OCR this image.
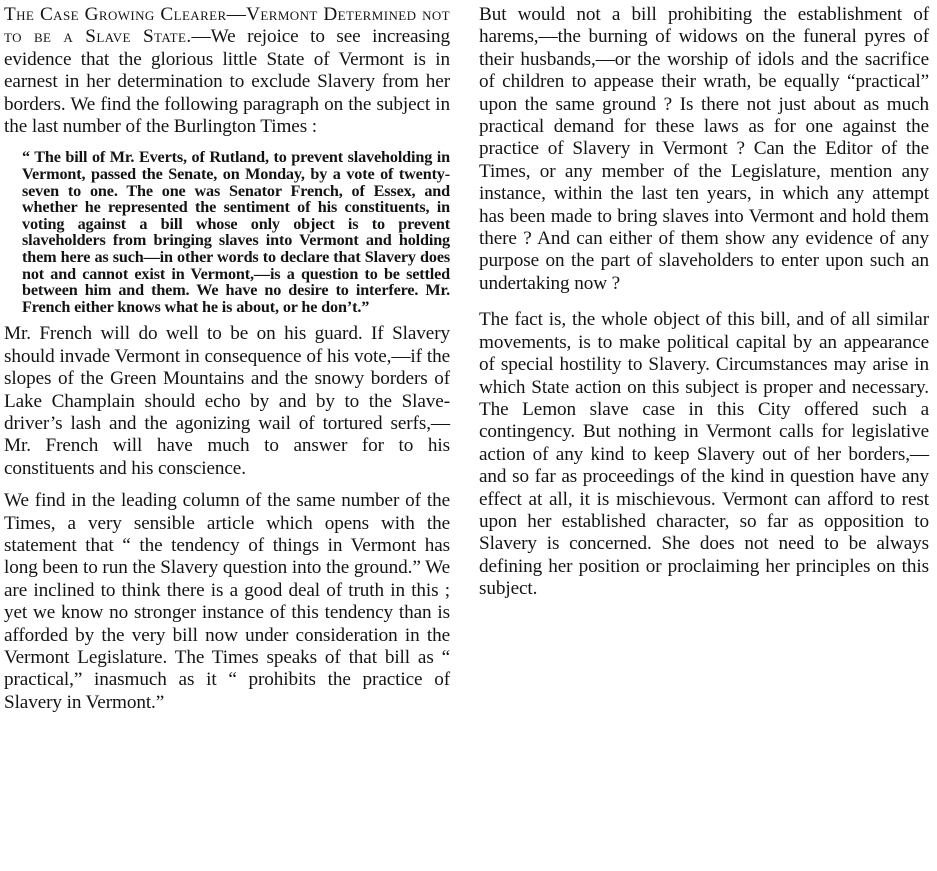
The Case Growing Clearer—Vermont Determined not to be a Slave State.—We rejoice to see increasing evidence that the glorious little State of Vermont is in earnest in her determination to exclude Slavery from her borders. We find the following paragraph on the subject in the last number of the Burlington Times :

“ The bill of Mr. Everts, of Rutland, to prevent slaveholding in Vermont, passed the Senate, on Monday, by a vote of twenty-seven to one. The one was Senator French, of Essex, and whether he represented the sentiment of his constituents, in voting against a bill whose only object is to prevent slaveholders from bringing slaves into Vermont and holding them here as such—in other words to declare that Slavery does not and cannot exist in Vermont,—is a question to be settled between him and them. We have no desire to interfere. Mr. French either knows what he is about, or he don’t.”

Mr. French will do well to be on his guard. If Slavery should invade Vermont in consequence of his vote,—if the slopes of the Green Mountains and the snowy borders of Lake Champlain should echo by and by to the Slave-driver’s lash and the agonizing wail of tortured serfs,—Mr. French will have much to answer for to his constituents and his conscience.

We find in the leading column of the same number of the Times, a very sensible article which opens with the statement that “ the tendency of things in Vermont has long been to run the Slavery question into the ground.” We are inclined to think there is a good deal of truth in this ; yet we know no stronger instance of this tendency than is afforded by the very bill now under consideration in the Vermont Legislature. The Times speaks of that bill as “ practical,” inasmuch as it “ prohibits the practice of Slavery in Vermont.”

But would not a bill prohibiting the establishment of harems,—the burning of widows on the funeral pyres of their husbands,—or the worship of idols and the sacrifice of children to appease their wrath, be equally “practical” upon the same ground ? Is there not just about as much practical demand for these laws as for one against the practice of Slavery in Vermont ? Can the Editor of the Times, or any member of the Legislature, mention any instance, within the last ten years, in which any attempt has been made to bring slaves into Vermont and hold them there ? And can either of them show any evidence of any purpose on the part of slaveholders to enter upon such an undertaking now ?

The fact is, the whole object of this bill, and of all similar movements, is to make political capital by an appearance of special hostility to Slavery. Circumstances may arise in which State action on this subject is proper and necessary. The Lemon slave case in this City offered such a contingency. But nothing in Vermont calls for legislative action of any kind to keep Slavery out of her borders,—and so far as proceedings of the kind in question have any effect at all, it is mischievous. Vermont can afford to rest upon her established character, so far as opposition to Slavery is concerned. She does not need to be always defining her position or proclaiming her principles on this subject.
